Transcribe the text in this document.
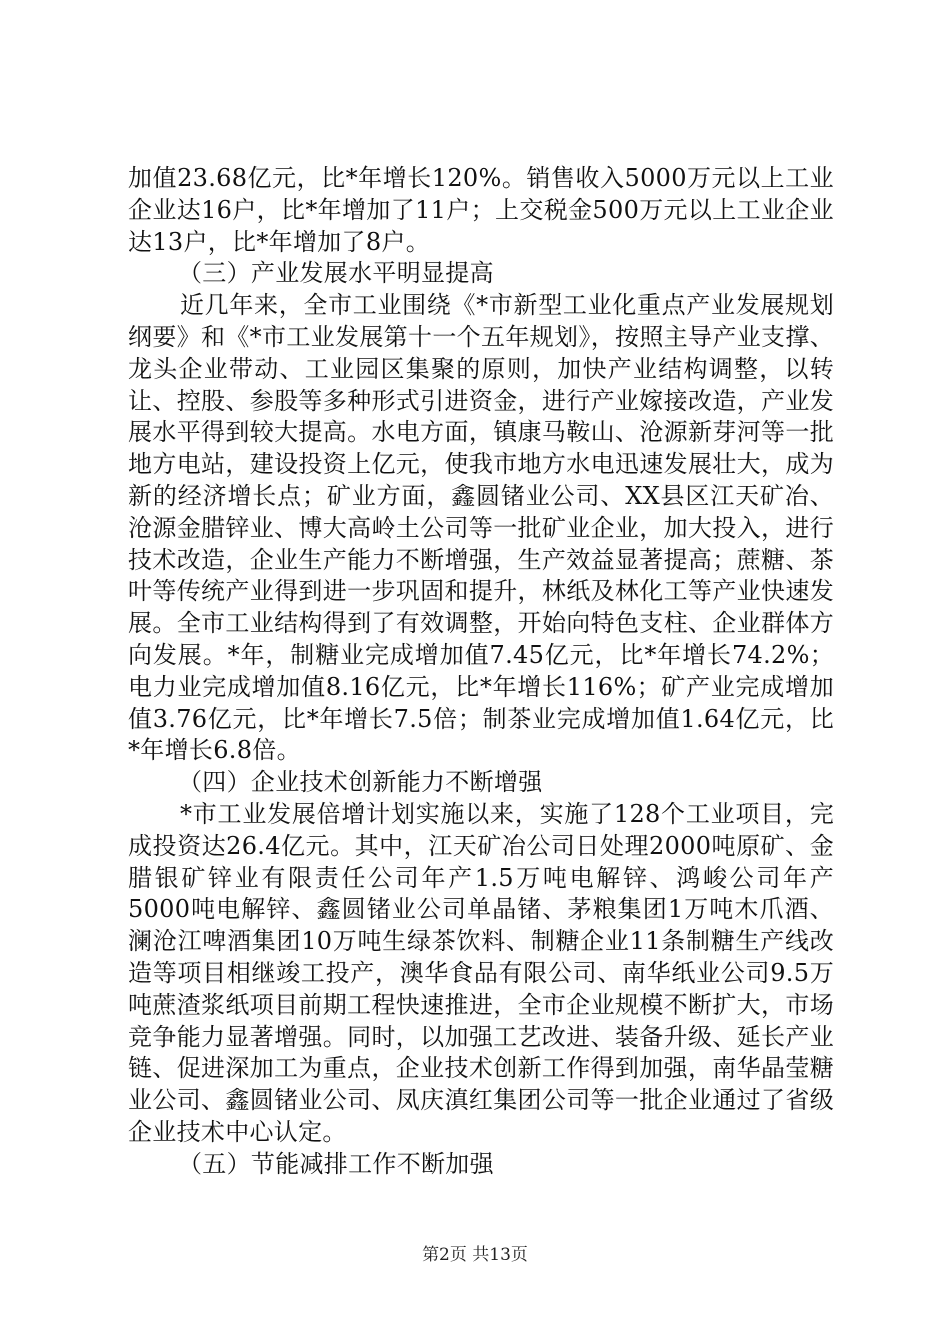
加值23.68亿元，比*年增长120%。销售收入5000万元以上工业企业达16户，比*年增加了11户；上交税金500万元以上工业企业达13户，比*年增加了8户。

（三）产业发展水平明显提高

近几年来，全市工业围绕《*市新型工业化重点产业发展规划纲要》和《*市工业发展第十一个五年规划》，按照主导产业支撑、龙头企业带动、工业园区集聚的原则，加快产业结构调整，以转让、控股、参股等多种形式引进资金，进行产业嫁接改造，产业发展水平得到较大提高。水电方面，镇康马鞍山、沧源新芽河等一批地方电站，建设投资上亿元，使我市地方水电迅速发展壮大，成为新的经济增长点；矿业方面，鑫圆锗业公司、XX县区江天矿冶、沧源金腊锌业、博大高岭土公司等一批矿业企业，加大投入，进行技术改造，企业生产能力不断增强，生产效益显著提高；蔗糖、茶叶等传统产业得到进一步巩固和提升，林纸及林化工等产业快速发展。全市工业结构得到了有效调整，开始向特色支柱、企业群体方向发展。*年，制糖业完成增加值7.45亿元，比*年增长74.2%；电力业完成增加值8.16亿元，比*年增长116%；矿产业完成增加值3.76亿元，比*年增长7.5倍；制茶业完成增加值1.64亿元，比*年增长6.8倍。

（四）企业技术创新能力不断增强

*市工业发展倍增计划实施以来，实施了128个工业项目，完成投资达26.4亿元。其中，江天矿冶公司日处理2000吨原矿、金腊银矿锌业有限责任公司年产1.5万吨电解锌、鸿峻公司年产5000吨电解锌、鑫圆锗业公司单晶锗、茅粮集团1万吨木爪酒、澜沧江啤酒集团10万吨生绿茶饮料、制糖企业11条制糖生产线改造等项目相继竣工投产，澳华食品有限公司、南华纸业公司9.5万吨蔗渣浆纸项目前期工程快速推进，全市企业规模不断扩大，市场竞争能力显著增强。同时，以加强工艺改进、装备升级、延长产业链、促进深加工为重点，企业技术创新工作得到加强，南华晶莹糖业公司、鑫圆锗业公司、凤庆滇红集团公司等一批企业通过了省级企业技术中心认定。

（五）节能减排工作不断加强

第2页 共13页
